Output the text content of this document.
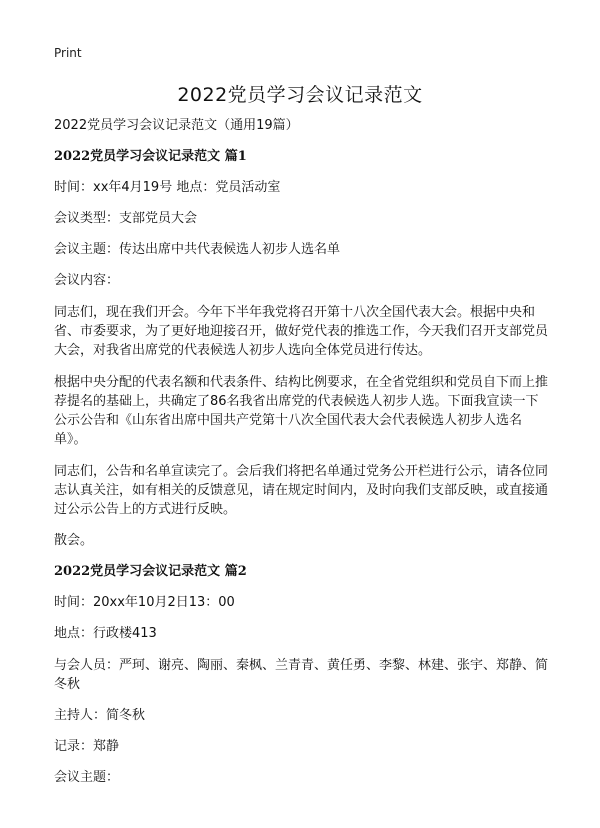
Print
2022党员学习会议记录范文

2022党员学习会议记录范文（通用19篇）

2022党员学习会议记录范文 篇1

时间：xx年4月19号 地点：党员活动室

会议类型：支部党员大会

会议主题：传达出席中共代表候选人初步人选名单

会议内容：

同志们，现在我们开会。今年下半年我党将召开第十八次全国代表大会。根据中央和省、市委要求，为了更好地迎接召开，做好党代表的推选工作，今天我们召开支部党员大会，对我省出席党的代表候选人初步人选向全体党员进行传达。

根据中央分配的代表名额和代表条件、结构比例要求，在全省党组织和党员自下而上推荐提名的基础上，共确定了86名我省出席党的代表候选人初步人选。下面我宣读一下公示公告和《山东省出席中国共产党第十八次全国代表大会代表候选人初步人选名单》。

同志们，公告和名单宣读完了。会后我们将把名单通过党务公开栏进行公示，请各位同志认真关注，如有相关的反馈意见，请在规定时间内，及时向我们支部反映，或直接通过公示公告上的方式进行反映。

散会。

2022党员学习会议记录范文 篇2

时间：20xx年10月2日13：00

地点：行政楼413

与会人员：严珂、谢亮、陶丽、秦枫、兰青青、黄任勇、李黎、林建、张宇、郑静、简冬秋

主持人：简冬秋

记录：郑静

会议主题：
